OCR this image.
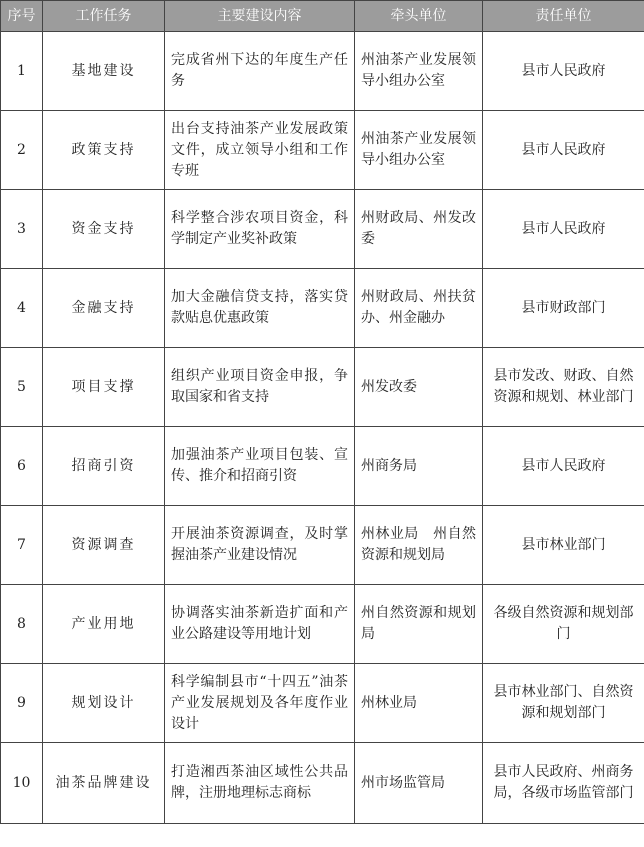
序号	工作任务	主要建设内容	牵头单位	责任单位
1	基地建设	完成省州下达的年度生产任务	州油茶产业发展领导小组办公室	县市人民政府
2	政策支持	出台支持油茶产业发展政策文件，成立领导小组和工作专班	州油茶产业发展领导小组办公室	县市人民政府
3	资金支持	科学整合涉农项目资金，科学制定产业奖补政策	州财政局、州发改委	县市人民政府
4	金融支持	加大金融信贷支持，落实贷款贴息优惠政策	州财政局、州扶贫办、州金融办	县市财政部门
5	项目支撑	组织产业项目资金申报，争取国家和省支持	州发改委	县市发改、财政、自然资源和规划、林业部门
6	招商引资	加强油茶产业项目包装、宣传、推介和招商引资	州商务局	县市人民政府
7	资源调查	开展油茶资源调查，及时掌握油茶产业建设情况	州林业局　州自然资源和规划局	县市林业部门
8	产业用地	协调落实油茶新造扩面和产业公路建设等用地计划	州自然资源和规划局	各级自然资源和规划部门
9	规划设计	科学编制县市“十四五”油茶产业发展规划及各年度作业设计	州林业局	县市林业部门、自然资源和规划部门
10	油茶品牌建设	打造湘西茶油区域性公共品牌，注册地理标志商标	州市场监管局	县市人民政府、州商务局，各级市场监管部门
